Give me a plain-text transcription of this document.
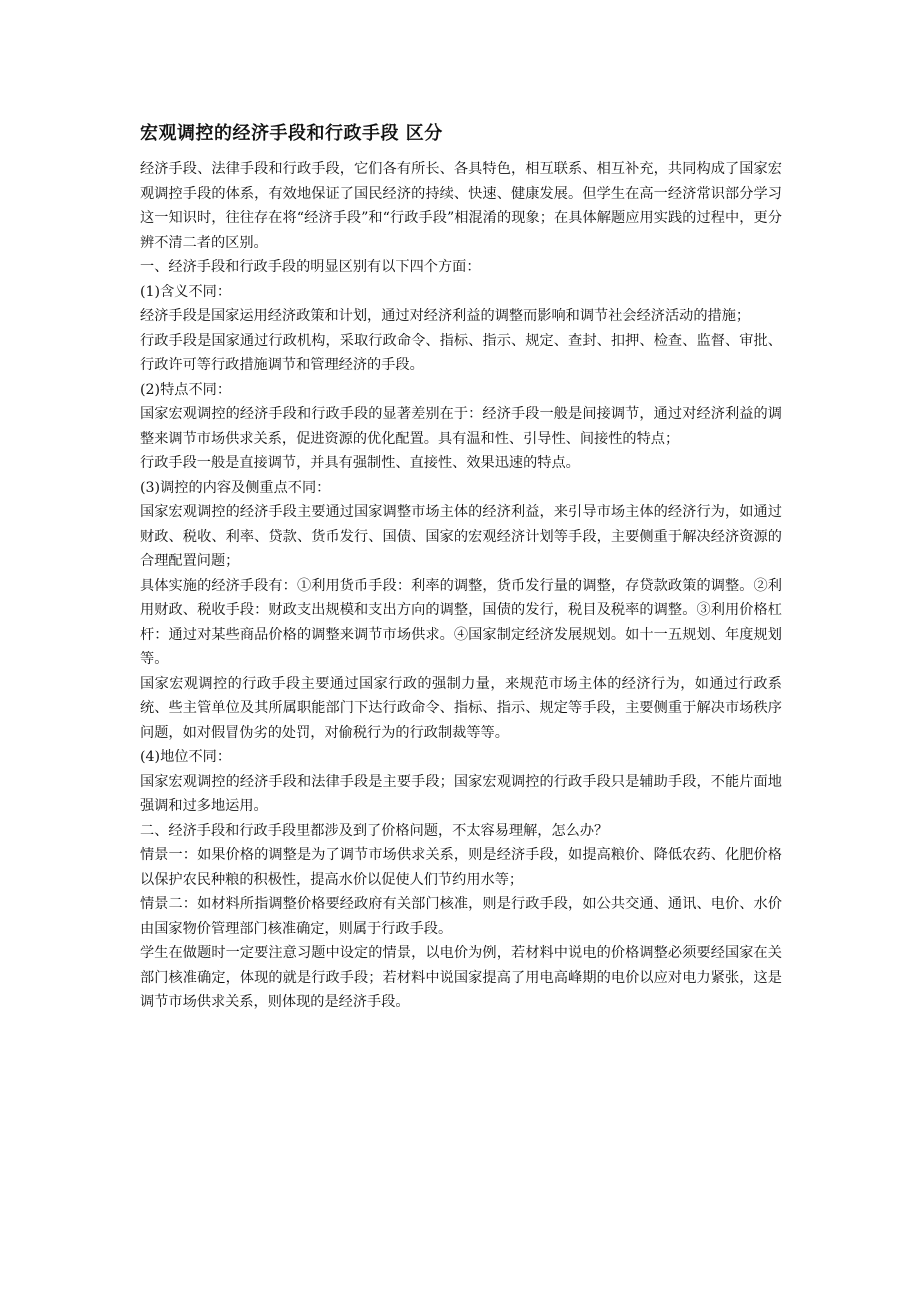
宏观调控的经济手段和行政手段 区分

经济手段、法律手段和行政手段，它们各有所长、各具特色，相互联系、相互补充，共同构成了国家宏观调控手段的体系，有效地保证了国民经济的持续、快速、健康发展。但学生在高一经济常识部分学习这一知识时，往往存在将“经济手段”和“行政手段”相混淆的现象；在具体解题应用实践的过程中，更分辨不清二者的区别。

一、经济手段和行政手段的明显区别有以下四个方面：

(1)含义不同：

经济手段是国家运用经济政策和计划，通过对经济利益的调整而影响和调节社会经济活动的措施；

行政手段是国家通过行政机构，采取行政命令、指标、指示、规定、查封、扣押、检查、监督、审批、行政许可等行政措施调节和管理经济的手段。

(2)特点不同：

国家宏观调控的经济手段和行政手段的显著差别在于：经济手段一般是间接调节，通过对经济利益的调整来调节市场供求关系，促进资源的优化配置。具有温和性、引导性、间接性的特点；

行政手段一般是直接调节，并具有强制性、直接性、效果迅速的特点。

(3)调控的内容及侧重点不同：

国家宏观调控的经济手段主要通过国家调整市场主体的经济利益，来引导市场主体的经济行为，如通过财政、税收、利率、贷款、货币发行、国债、国家的宏观经济计划等手段，主要侧重于解决经济资源的合理配置问题；

具体实施的经济手段有：①利用货币手段：利率的调整，货币发行量的调整，存贷款政策的调整。②利用财政、税收手段：财政支出规模和支出方向的调整，国债的发行，税目及税率的调整。③利用价格杠杆：通过对某些商品价格的调整来调节市场供求。④国家制定经济发展规划。如十一五规划、年度规划等。

国家宏观调控的行政手段主要通过国家行政的强制力量，来规范市场主体的经济行为，如通过行政系统、些主管单位及其所属职能部门下达行政命令、指标、指示、规定等手段，主要侧重于解决市场秩序问题，如对假冒伪劣的处罚，对偷税行为的行政制裁等等。

(4)地位不同：

国家宏观调控的经济手段和法律手段是主要手段；国家宏观调控的行政手段只是辅助手段，不能片面地强调和过多地运用。

二、经济手段和行政手段里都涉及到了价格问题，不太容易理解，怎么办？

情景一：如果价格的调整是为了调节市场供求关系，则是经济手段，如提高粮价、降低农药、化肥价格以保护农民种粮的积极性，提高水价以促使人们节约用水等；

情景二：如材料所指调整价格要经政府有关部门核准，则是行政手段，如公共交通、通讯、电价、水价由国家物价管理部门核准确定，则属于行政手段。

学生在做题时一定要注意习题中设定的情景，以电价为例，若材料中说电的价格调整必须要经国家在关部门核准确定，体现的就是行政手段；若材料中说国家提高了用电高峰期的电价以应对电力紧张，这是调节市场供求关系，则体现的是经济手段。
